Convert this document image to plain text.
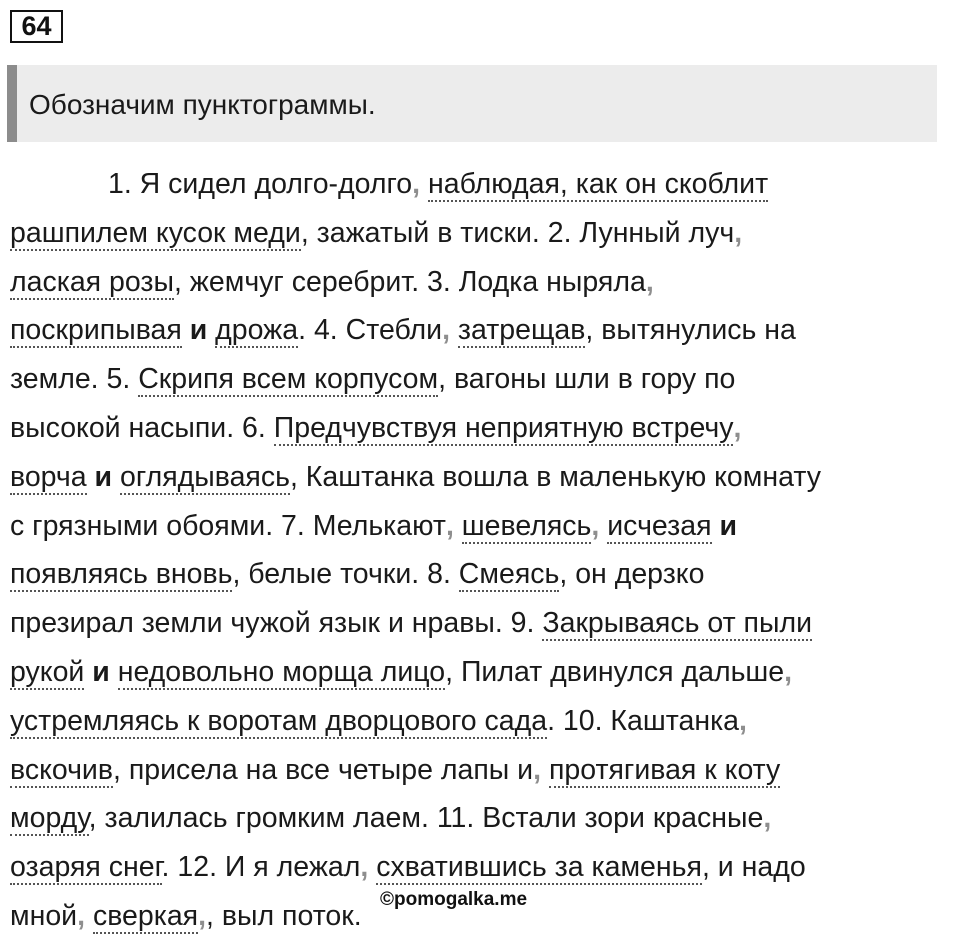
64
Обозначим пунктограммы.
1. Я сидел долго-долго, наблюдая, как он скоблит
рашпилем кусок меди, зажатый в тиски. 2. Лунный луч,
лаская розы, жемчуг серебрит. 3. Лодка ныряла,
поскрипывая и дрожа. 4. Стебли, затрещав, вытянулись на
земле. 5. Скрипя всем корпусом, вагоны шли в гору по
высокой насыпи. 6. Предчувствуя неприятную встречу,
ворча и оглядываясь, Каштанка вошла в маленькую комнату
с грязными обоями. 7. Мелькают, шевелясь, исчезая и
появляясь вновь, белые точки. 8. Смеясь, он дерзко
презирал земли чужой язык и нравы. 9. Закрываясь от пыли
рукой и недовольно морща лицо, Пилат двинулся дальше,
устремляясь к воротам дворцового сада. 10. Каштанка,
вскочив, присела на все четыре лапы и, протягивая к коту
морду, залилась громким лаем. 11. Встали зори красные,
озаряя снег. 12. И я лежал, схватившись за каменья, и надо
мной, сверкая,, выл поток.
©pomogalka.me
